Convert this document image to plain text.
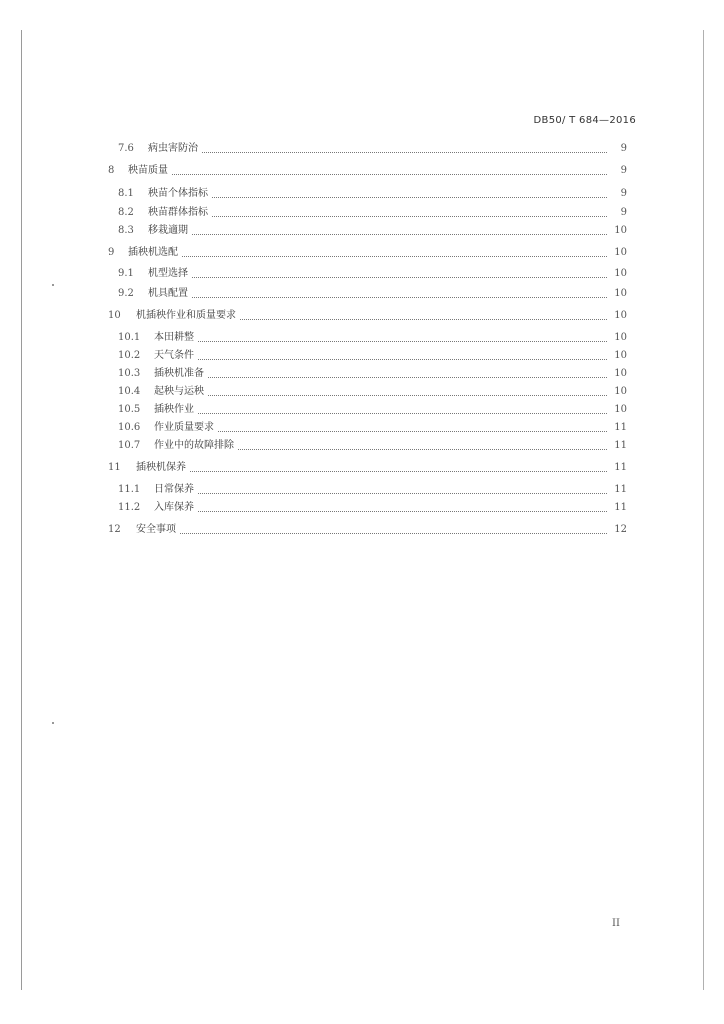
DB50/ T 684—2016
7.6	病虫害防治	9
8	秧苗质量	9
8.1	秧苗个体指标	9
8.2	秧苗群体指标	9
8.3	移栽適期	10
9	插秧机选配	10
9.1	机型选择	10
9.2	机具配置	10
10	机插秧作业和质量要求	10
10.1	本田耕整	10
10.2	天气条件	10
10.3	插秧机准备	10
10.4	起秧与运秧	10
10.5	插秧作业	10
10.6	作业质量要求	11
10.7	作业中的故障排除	11
11	插秧机保养	11
11.1	日常保养	11
11.2	入库保养	11
12	安全事项	12
II
